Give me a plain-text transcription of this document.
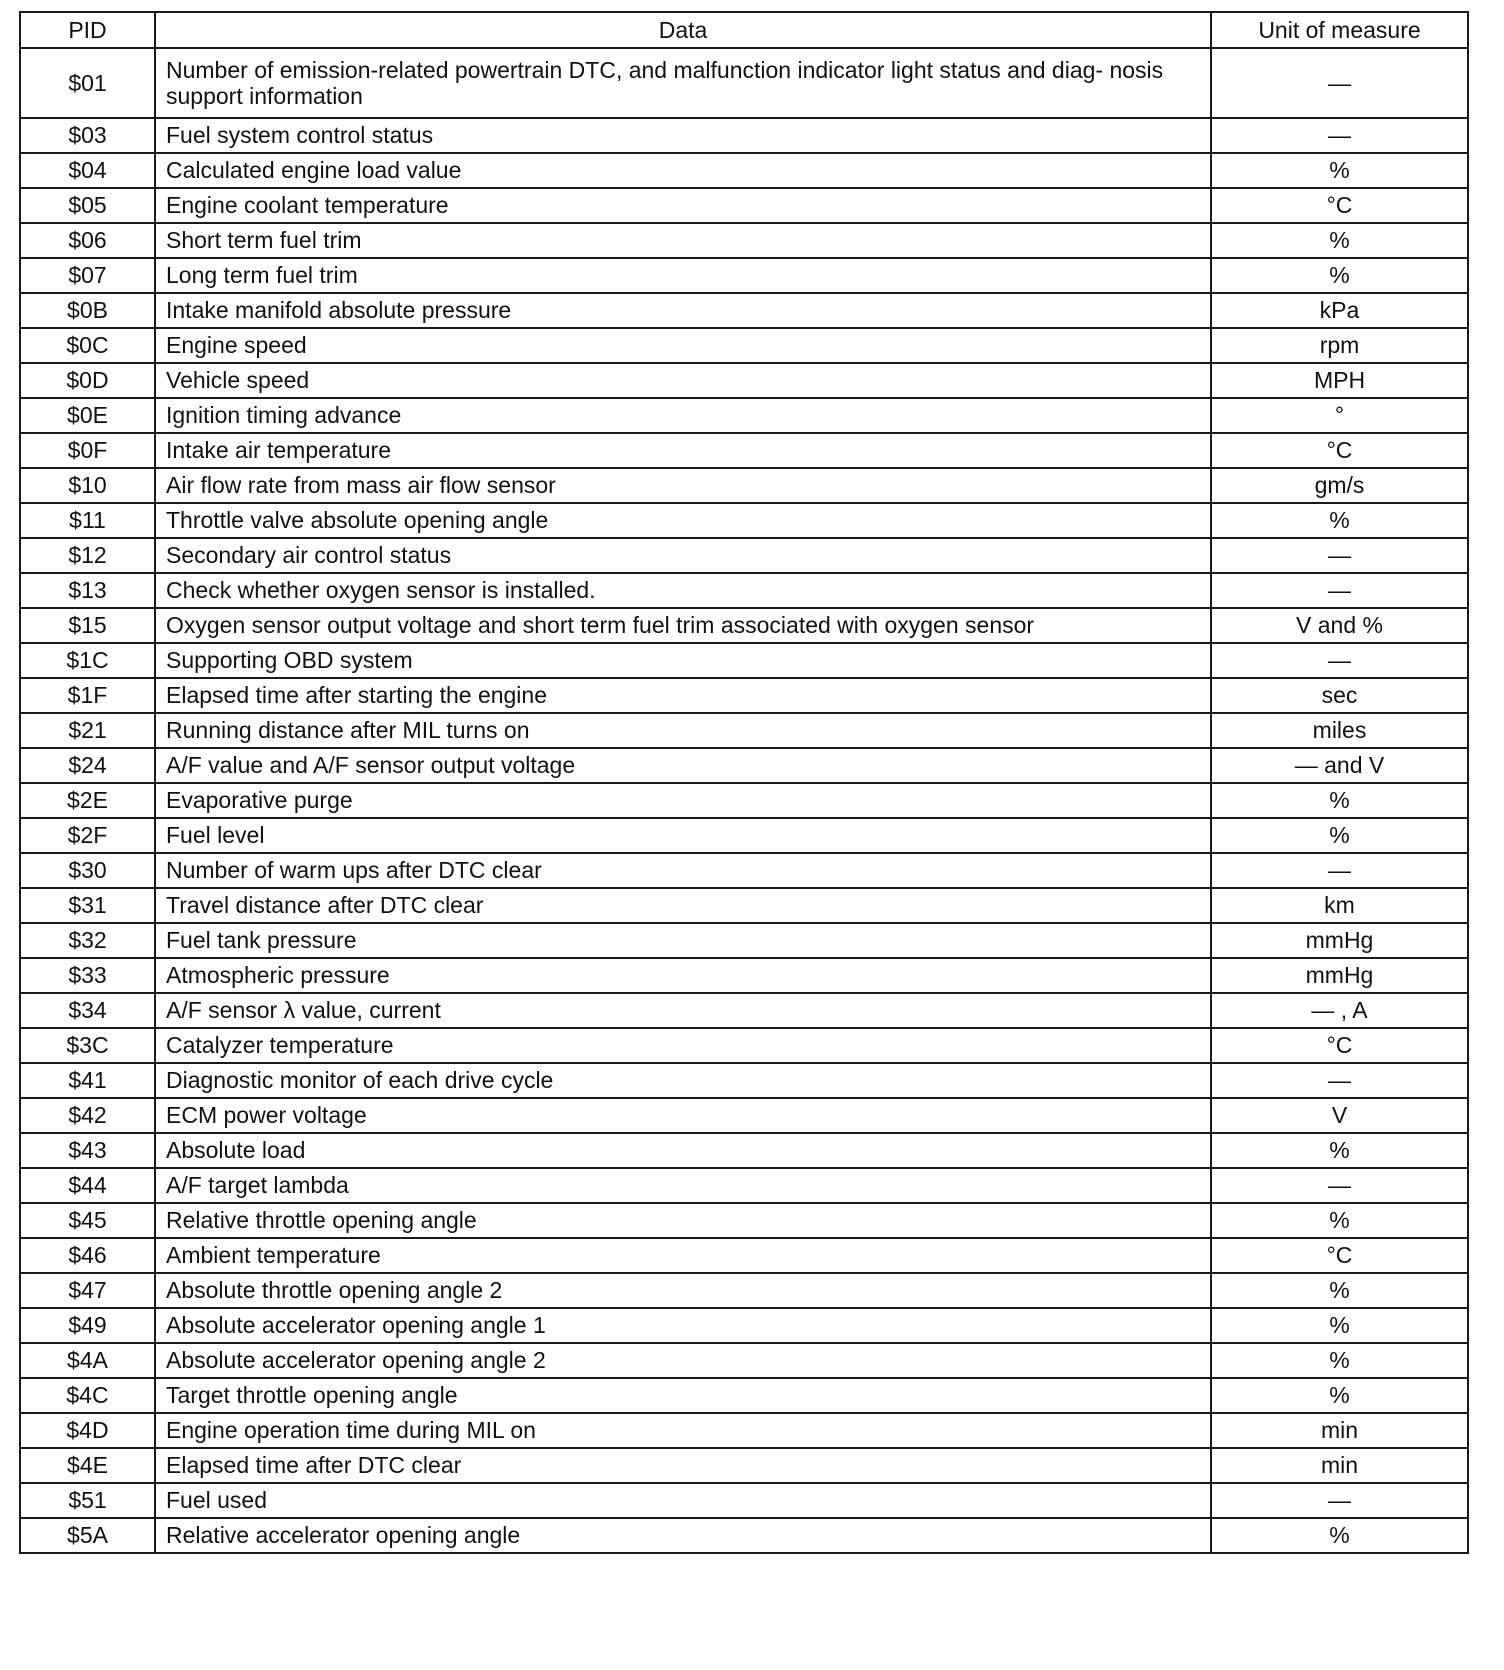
PID	Data	Unit of measure
$01	Number of emission-related powertrain DTC, and malfunction indicator light status and diag- nosis support information	—
$03	Fuel system control status	—
$04	Calculated engine load value	%
$05	Engine coolant temperature	°C
$06	Short term fuel trim	%
$07	Long term fuel trim	%
$0B	Intake manifold absolute pressure	kPa
$0C	Engine speed	rpm
$0D	Vehicle speed	MPH
$0E	Ignition timing advance	°
$0F	Intake air temperature	°C
$10	Air flow rate from mass air flow sensor	gm/s
$11	Throttle valve absolute opening angle	%
$12	Secondary air control status	—
$13	Check whether oxygen sensor is installed.	—
$15	Oxygen sensor output voltage and short term fuel trim associated with oxygen sensor	V and %
$1C	Supporting OBD system	—
$1F	Elapsed time after starting the engine	sec
$21	Running distance after MIL turns on	miles
$24	A/F value and A/F sensor output voltage	— and V
$2E	Evaporative purge	%
$2F	Fuel level	%
$30	Number of warm ups after DTC clear	—
$31	Travel distance after DTC clear	km
$32	Fuel tank pressure	mmHg
$33	Atmospheric pressure	mmHg
$34	A/F sensor λ value, current	— , A
$3C	Catalyzer temperature	°C
$41	Diagnostic monitor of each drive cycle	—
$42	ECM power voltage	V
$43	Absolute load	%
$44	A/F target lambda	—
$45	Relative throttle opening angle	%
$46	Ambient temperature	°C
$47	Absolute throttle opening angle 2	%
$49	Absolute accelerator opening angle 1	%
$4A	Absolute accelerator opening angle 2	%
$4C	Target throttle opening angle	%
$4D	Engine operation time during MIL on	min
$4E	Elapsed time after DTC clear	min
$51	Fuel used	—
$5A	Relative accelerator opening angle	%
